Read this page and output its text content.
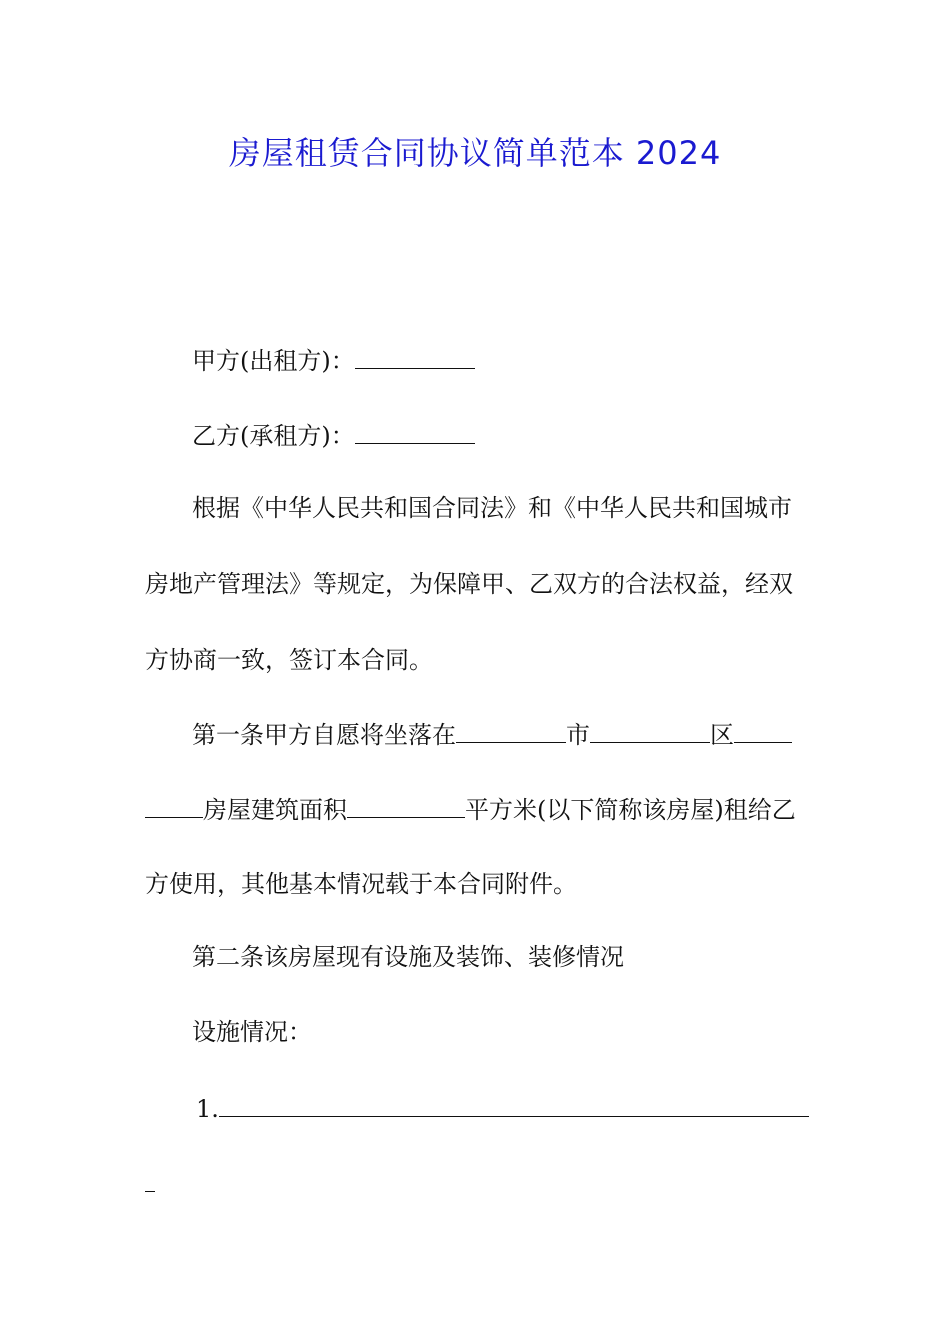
房屋租赁合同协议简单范本 2024
甲方(出租方)：
乙方(承租方)：
根据《中华人民共和国合同法》和《中华人民共和国城市
房地产管理法》等规定，为保障甲、乙双方的合法权益，经双
方协商一致，签订本合同。
第一条甲方自愿将坐落在	市	区
房屋建筑面积	平方米(以下简称该房屋)租给乙
方使用，其他基本情况载于本合同附件。
第二条该房屋现有设施及装饰、装修情况
设施情况：
1.
